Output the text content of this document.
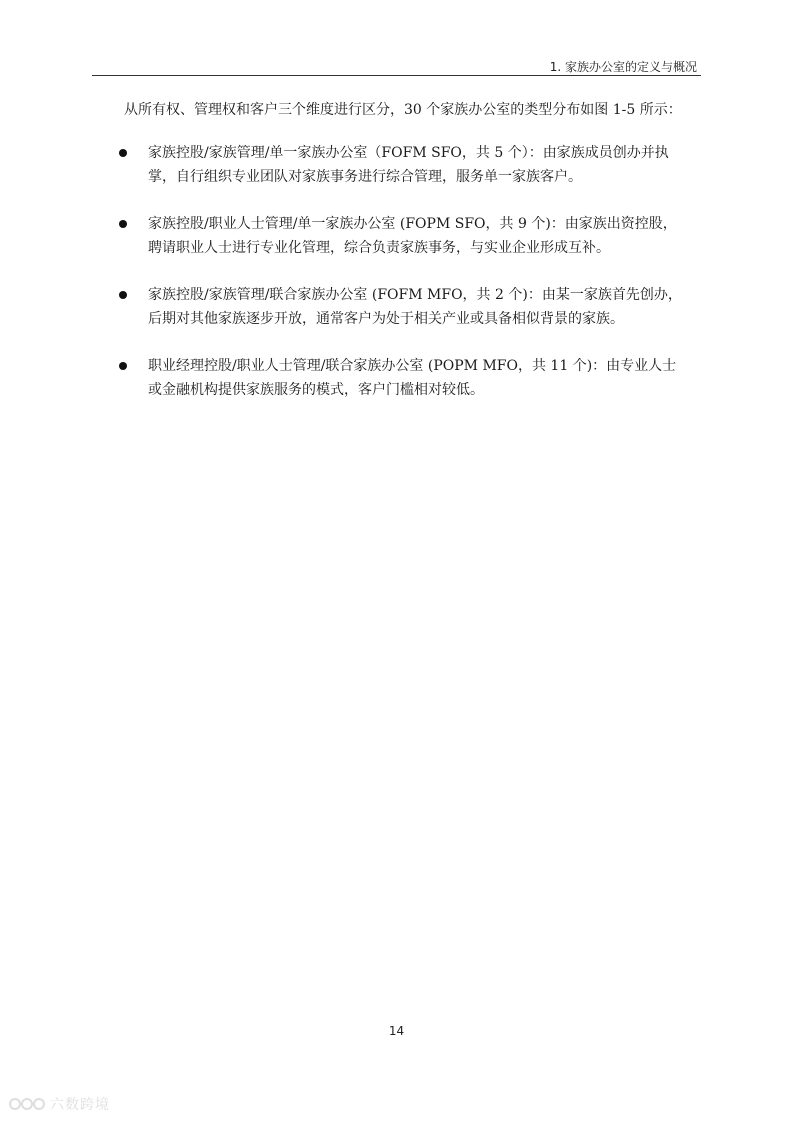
1. 家族办公室的定义与概况
从所有权、管理权和客户三个维度进行区分，30 个家族办公室的类型分布如图 1-5 所示：
家族控股/家族管理/单一家族办公室（FOFM SFO，共 5 个）：由家族成员创办并执
掌，自行组织专业团队对家族事务进行综合管理，服务单一家族客户。
家族控股/职业人士管理/单一家族办公室 (FOPM SFO，共 9 个)：由家族出资控股，
聘请职业人士进行专业化管理，综合负责家族事务，与实业企业形成互补。
家族控股/家族管理/联合家族办公室 (FOFM MFO，共 2 个)：由某一家族首先创办，
后期对其他家族逐步开放，通常客户为处于相关产业或具备相似背景的家族。
职业经理控股/职业人士管理/联合家族办公室 (POPM MFO，共 11 个)：由专业人士
或金融机构提供家族服务的模式，客户门槛相对较低。
14
六数跨境
